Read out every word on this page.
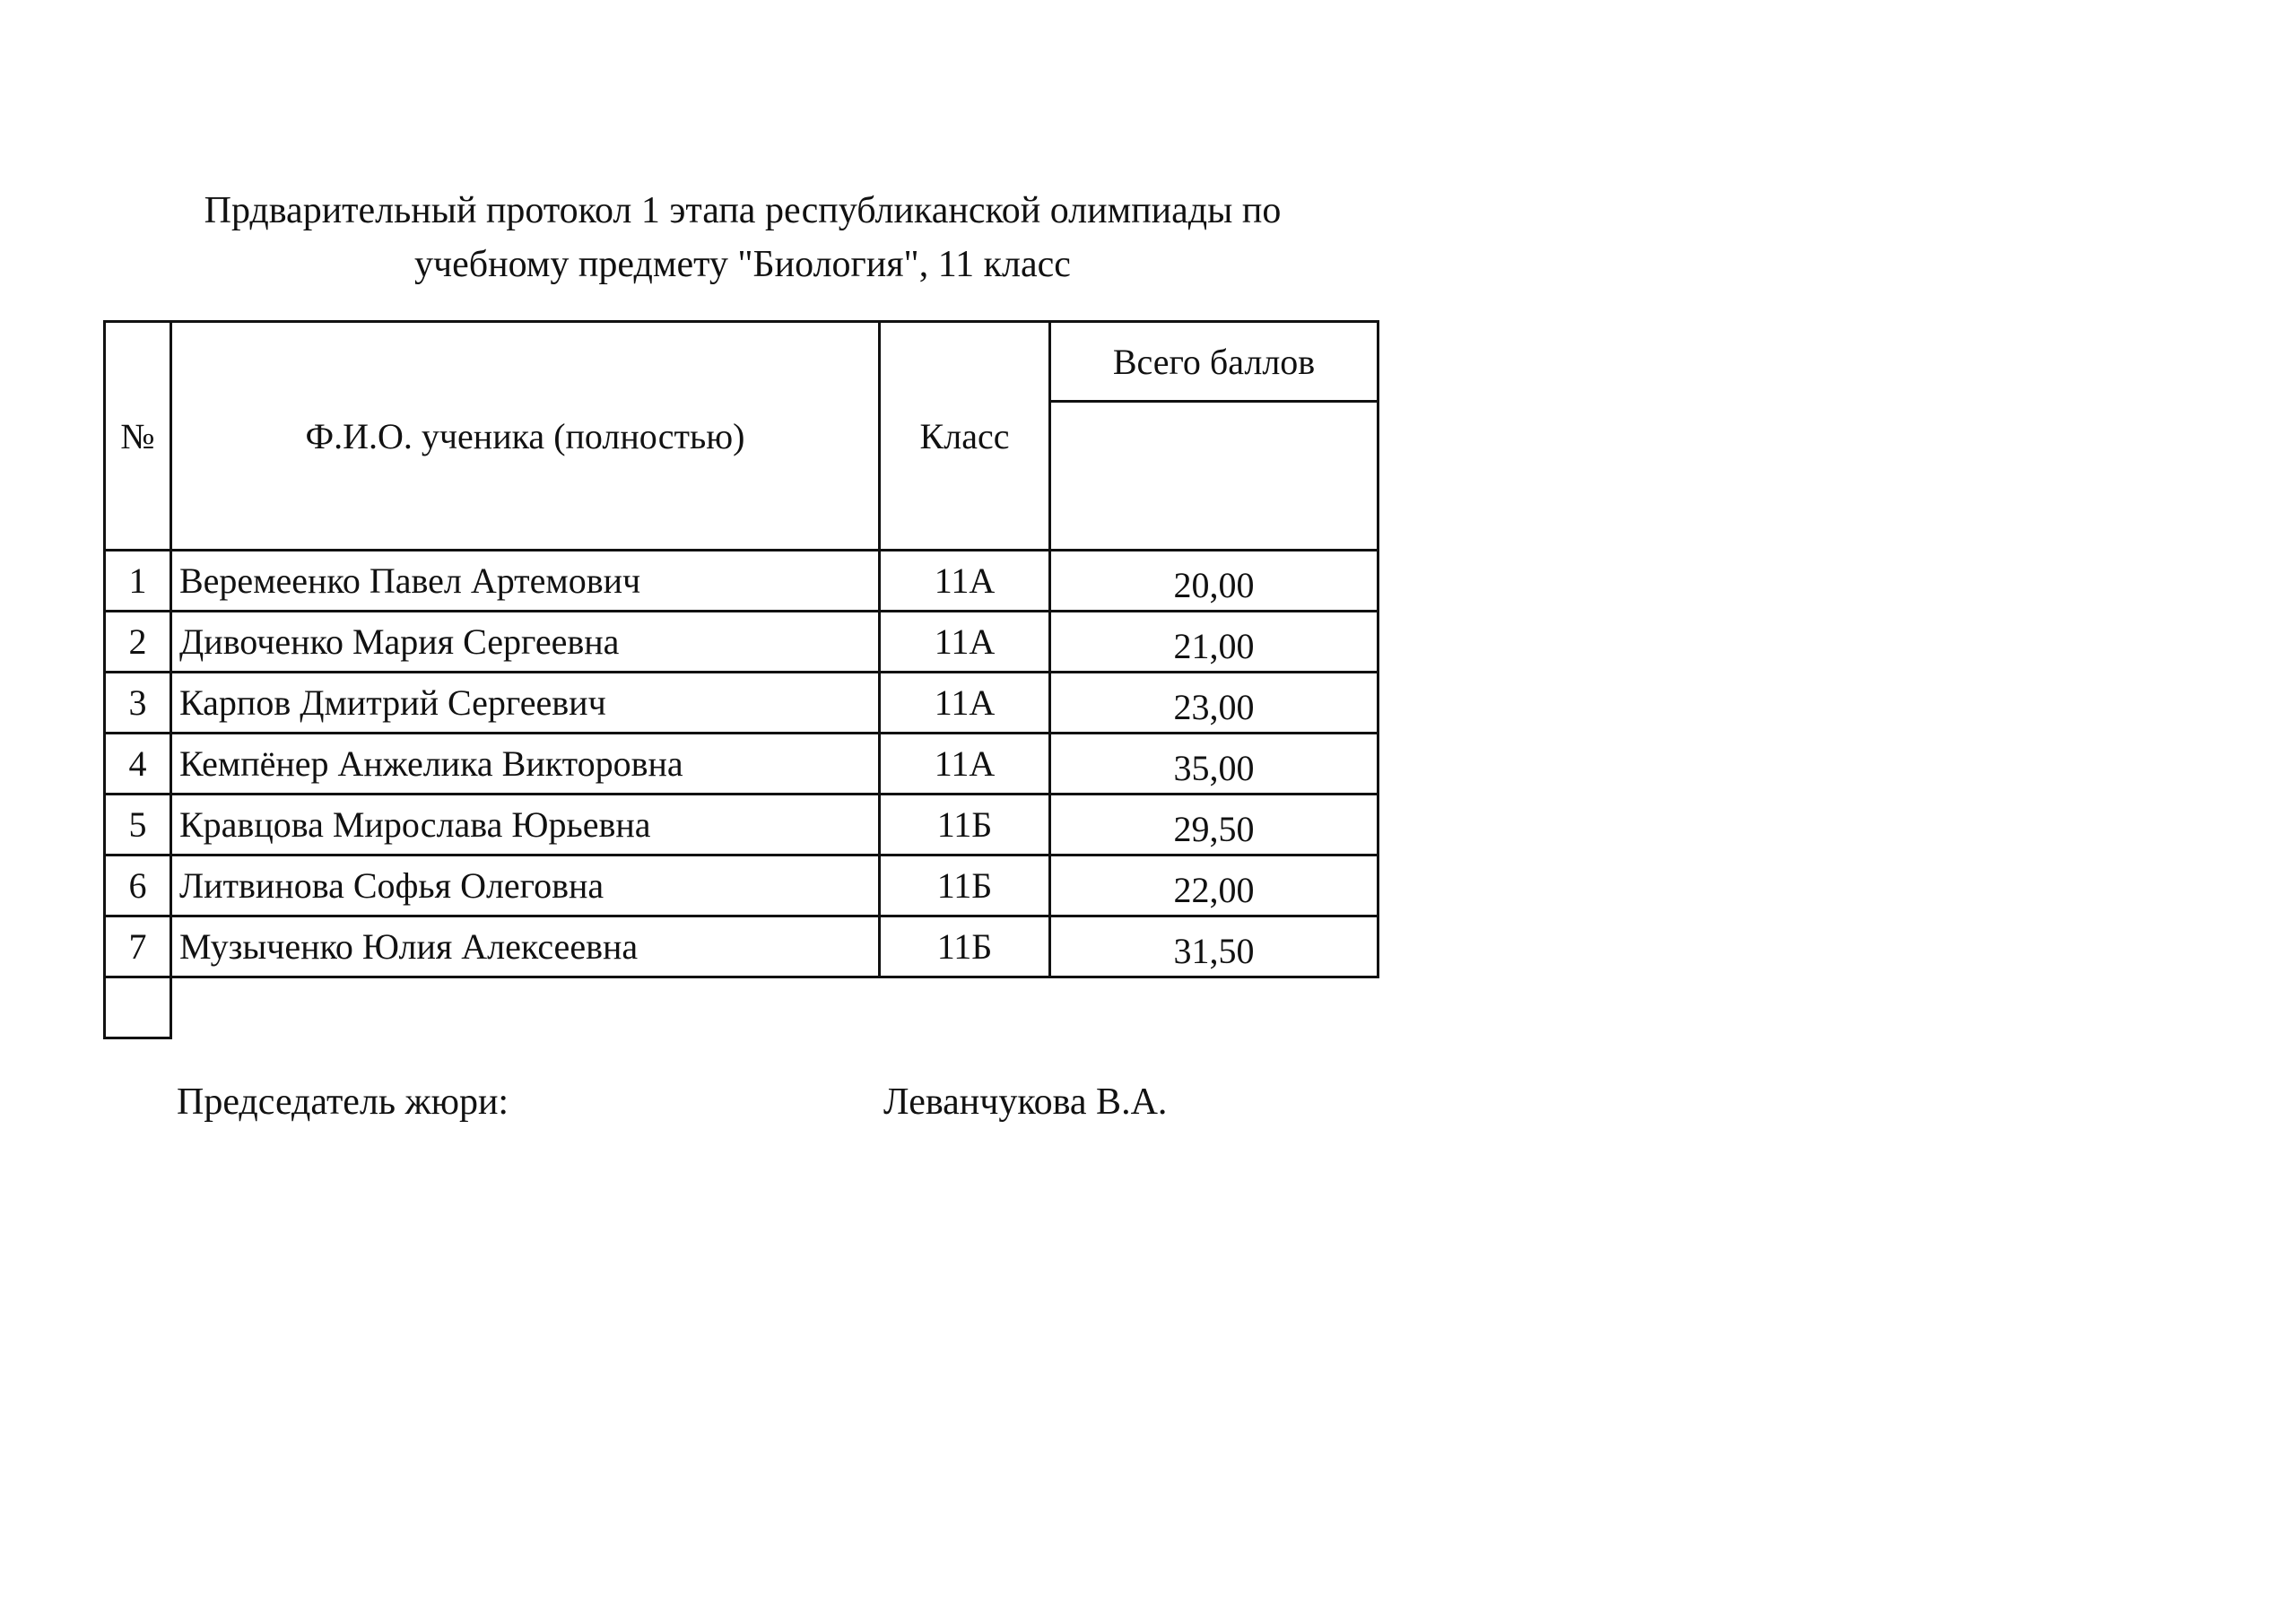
Прдварительный протокол 1 этапа республиканской олимпиады по
учебному предмету "Биология", 11 класс
№	Ф.И.О. ученика (полностью)	Класс	Всего баллов

1	Веремеенко Павел Артемович	11А	20,00
2	Дивоченко Мария Сергеевна	11А	21,00
3	Карпов Дмитрий Сергеевич	11А	23,00
4	Кемпёнер Анжелика Викторовна	11А	35,00
5	Кравцова Мирослава Юрьевна	11Б	29,50
6	Литвинова Софья Олеговна	11Б	22,00
7	Музыченко Юлия Алексеевна	11Б	31,50

Председатель жюри:	Леванчукова В.А.
